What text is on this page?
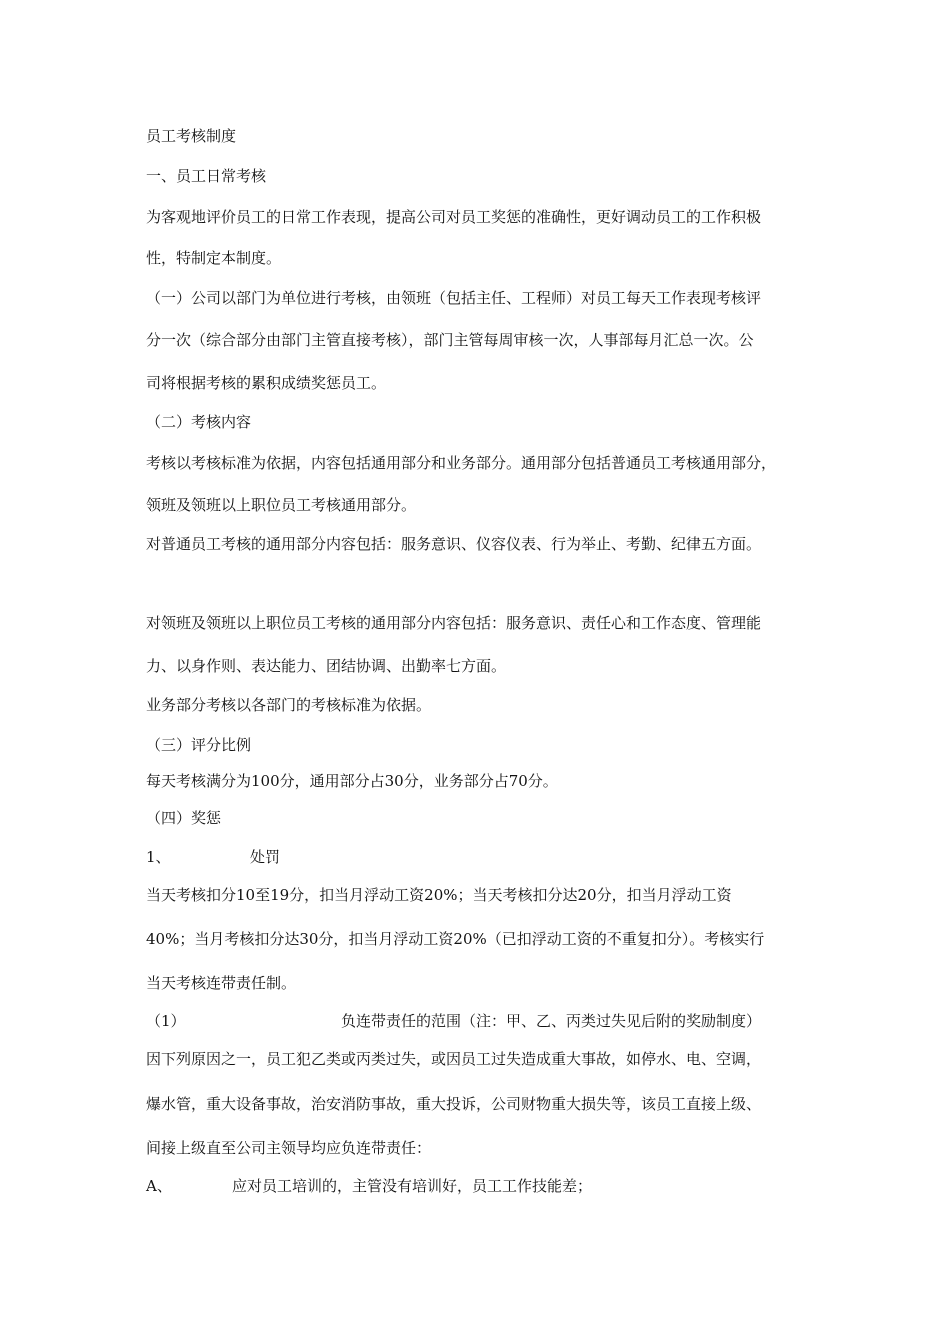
员工考核制度
一、员工日常考核
为客观地评价员工的日常工作表现，提高公司对员工奖惩的准确性，更好调动员工的工作积极
性，特制定本制度。
（一）公司以部门为单位进行考核，由领班（包括主任、工程师）对员工每天工作表现考核评
分一次（综合部分由部门主管直接考核），部门主管每周审核一次，人事部每月汇总一次。公
司将根据考核的累积成绩奖惩员工。
（二）考核内容
考核以考核标准为依据，内容包括通用部分和业务部分。通用部分包括普通员工考核通用部分，
领班及领班以上职位员工考核通用部分。
对普通员工考核的通用部分内容包括：服务意识、仪容仪表、行为举止、考勤、纪律五方面。
对领班及领班以上职位员工考核的通用部分内容包括：服务意识、责任心和工作态度、管理能
力、以身作则、表达能力、团结协调、出勤率七方面。
业务部分考核以各部门的考核标准为依据。
（三）评分比例
每天考核满分为100分，通用部分占30分，业务部分占70分。
（四）奖惩
1、	处罚
当天考核扣分10至19分，扣当月浮动工资20%；当天考核扣分达20分，扣当月浮动工资
40%；当月考核扣分达30分，扣当月浮动工资20%（已扣浮动工资的不重复扣分）。考核实行
当天考核连带责任制。
（1）	负连带责任的范围（注：甲、乙、丙类过失见后附的奖励制度）
因下列原因之一，员工犯乙类或丙类过失，或因员工过失造成重大事故，如停水、电、空调，
爆水管，重大设备事故，治安消防事故，重大投诉，公司财物重大损失等，该员工直接上级、
间接上级直至公司主领导均应负连带责任：
A、	应对员工培训的，主管没有培训好，员工工作技能差；
